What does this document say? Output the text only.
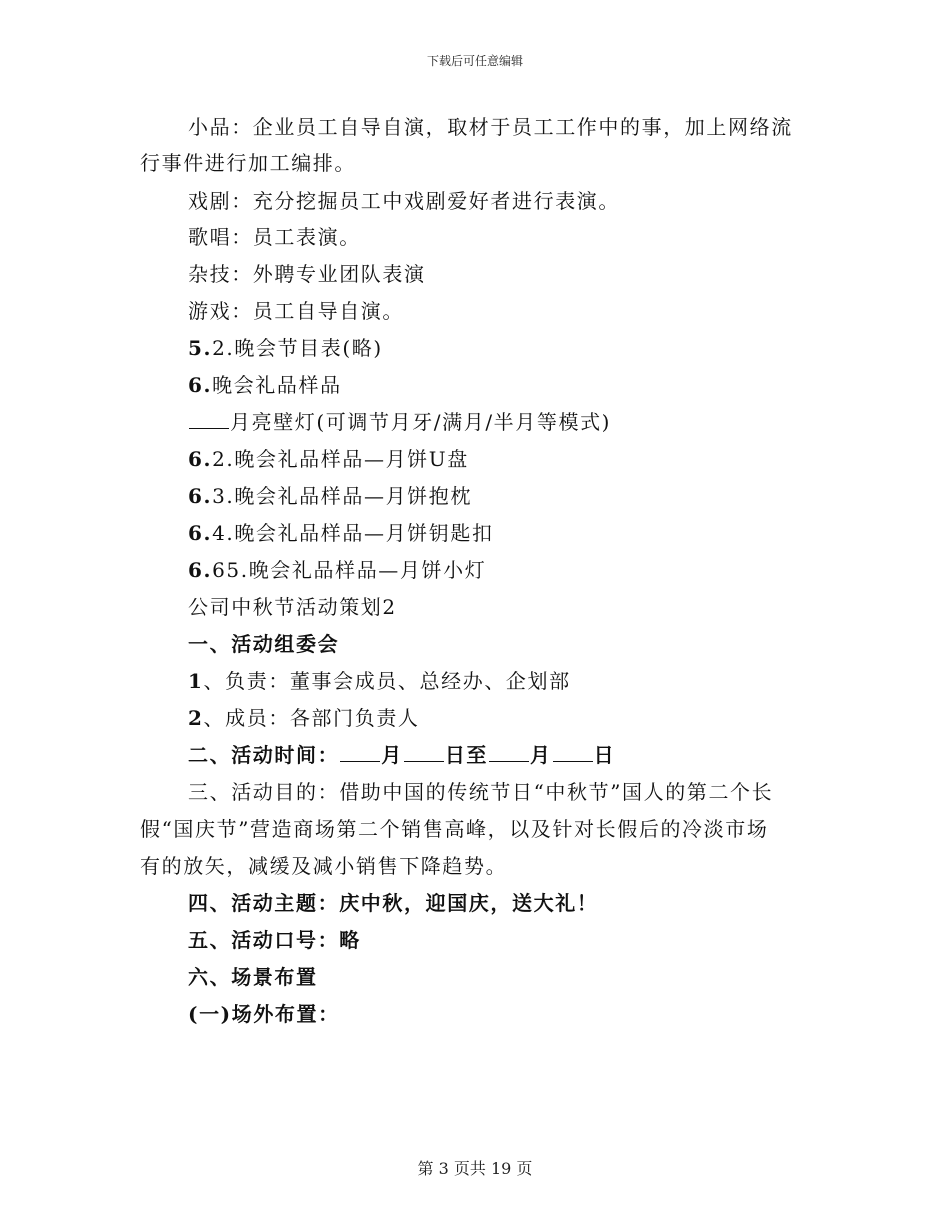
下载后可任意编辑
小品：企业员工自导自演，取材于员工工作中的事，加上网络流
行事件进行加工编排。
戏剧：充分挖掘员工中戏剧爱好者进行表演。
歌唱：员工表演。
杂技：外聘专业团队表演
游戏：员工自导自演。
5.2.晚会节目表(略)
6.晚会礼品样品
月亮壁灯(可调节月牙/满月/半月等模式)
6.2.晚会礼品样品—月饼U盘
6.3.晚会礼品样品—月饼抱枕
6.4.晚会礼品样品—月饼钥匙扣
6.65.晚会礼品样品—月饼小灯
公司中秋节活动策划2
一、活动组委会
1、负责：董事会成员、总经办、企划部
2、成员：各部门负责人
二、活动时间： 月 日至 月 日
三、活动目的：借助中国的传统节日“中秋节”国人的第二个长
假“国庆节”营造商场第二个销售高峰，以及针对长假后的冷淡市场
有的放矢，减缓及减小销售下降趋势。
四、活动主题：庆中秋，迎国庆，送大礼！
五、活动口号：略
六、场景布置
(一)场外布置：
第 3 页共 19 页
